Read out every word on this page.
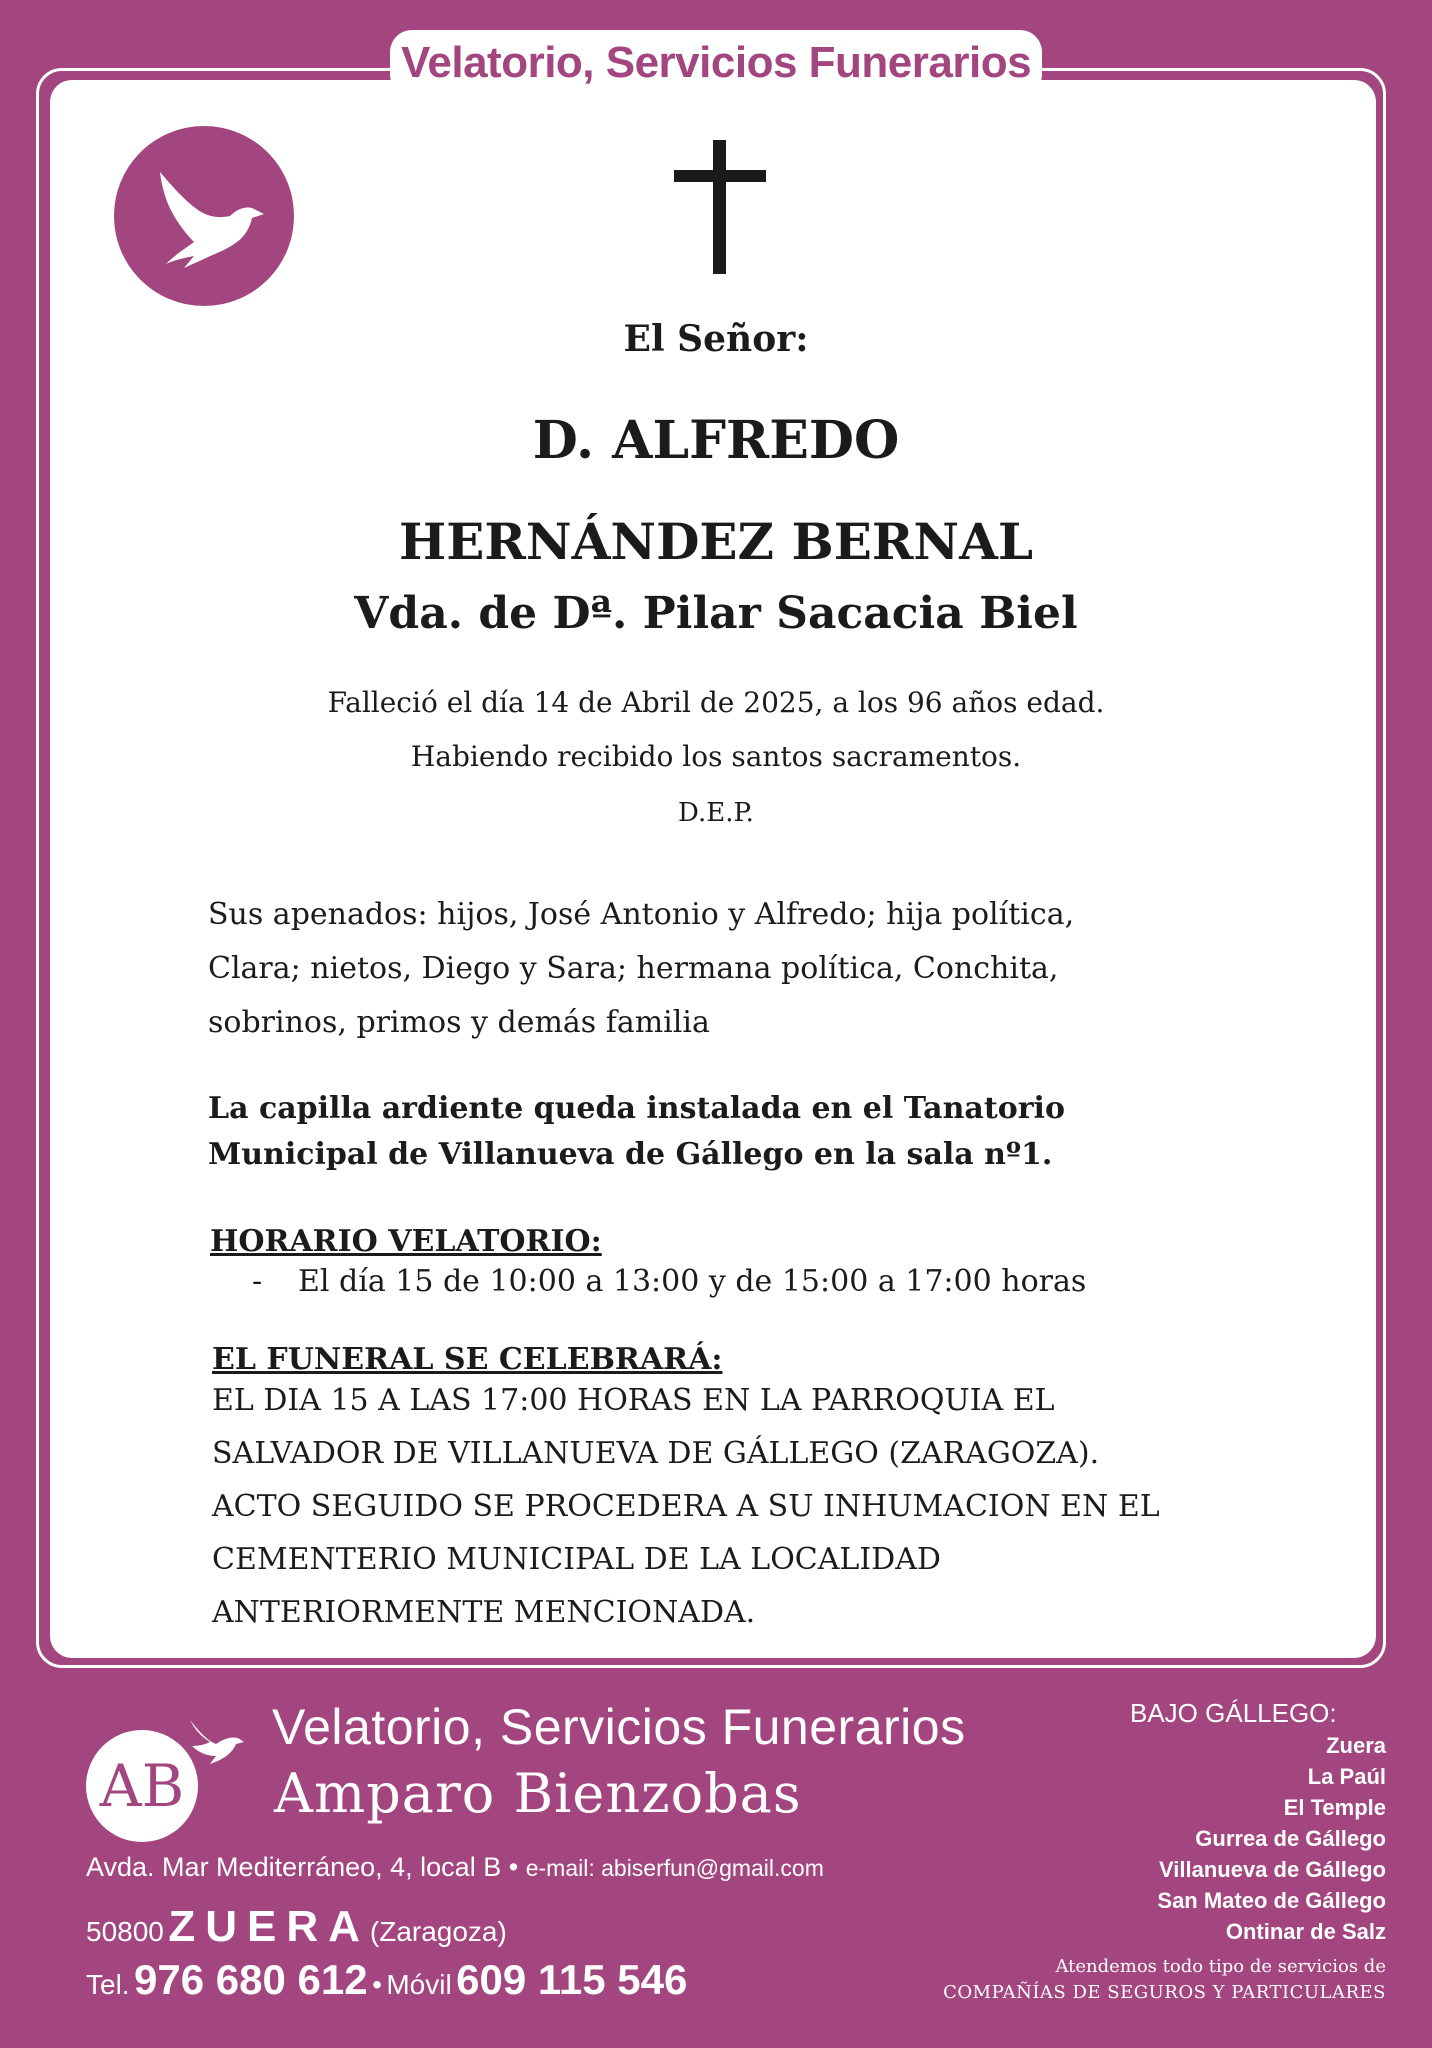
Velatorio, Servicios Funerarios
El Señor:
D. ALFREDO
HERNÁNDEZ BERNAL
Vda. de Dª. Pilar Sacacia Biel
Falleció el día 14 de Abril de 2025, a los 96 años edad.
Habiendo recibido los santos sacramentos.
D.E.P.
Sus apenados: hijos, José Antonio y Alfredo; hija política,
Clara; nietos, Diego y Sara; hermana política, Conchita,
sobrinos, primos y demás familia
La capilla ardiente queda instalada en el Tanatorio
Municipal de Villanueva de Gállego en la sala nº1.
HORARIO VELATORIO:
- El día 15 de 10:00 a 13:00 y de 15:00 a 17:00 horas
EL FUNERAL SE CELEBRARÁ:
EL DIA 15 A LAS 17:00 HORAS EN LA PARROQUIA EL
SALVADOR DE VILLANUEVA DE GÁLLEGO (ZARAGOZA).
ACTO SEGUIDO SE PROCEDERA A SU INHUMACION EN EL
CEMENTERIO MUNICIPAL DE LA LOCALIDAD
ANTERIORMENTE MENCIONADA.
AB
Velatorio, Servicios Funerarios
Amparo Bienzobas
Avda. Mar Mediterráneo, 4, local B • e-mail: abiserfun@gmail.com
50800 ZUERA(Zaragoza)
Tel. 976 680 612 • Móvil 609 115 546
BAJO GÁLLEGO:
Zuera
La Paúl
El Temple
Gurrea de Gállego
Villanueva de Gállego
San Mateo de Gállego
Ontinar de Salz
Atendemos todo tipo de servicios de
COMPAÑÍAS DE SEGUROS Y PARTICULARES
